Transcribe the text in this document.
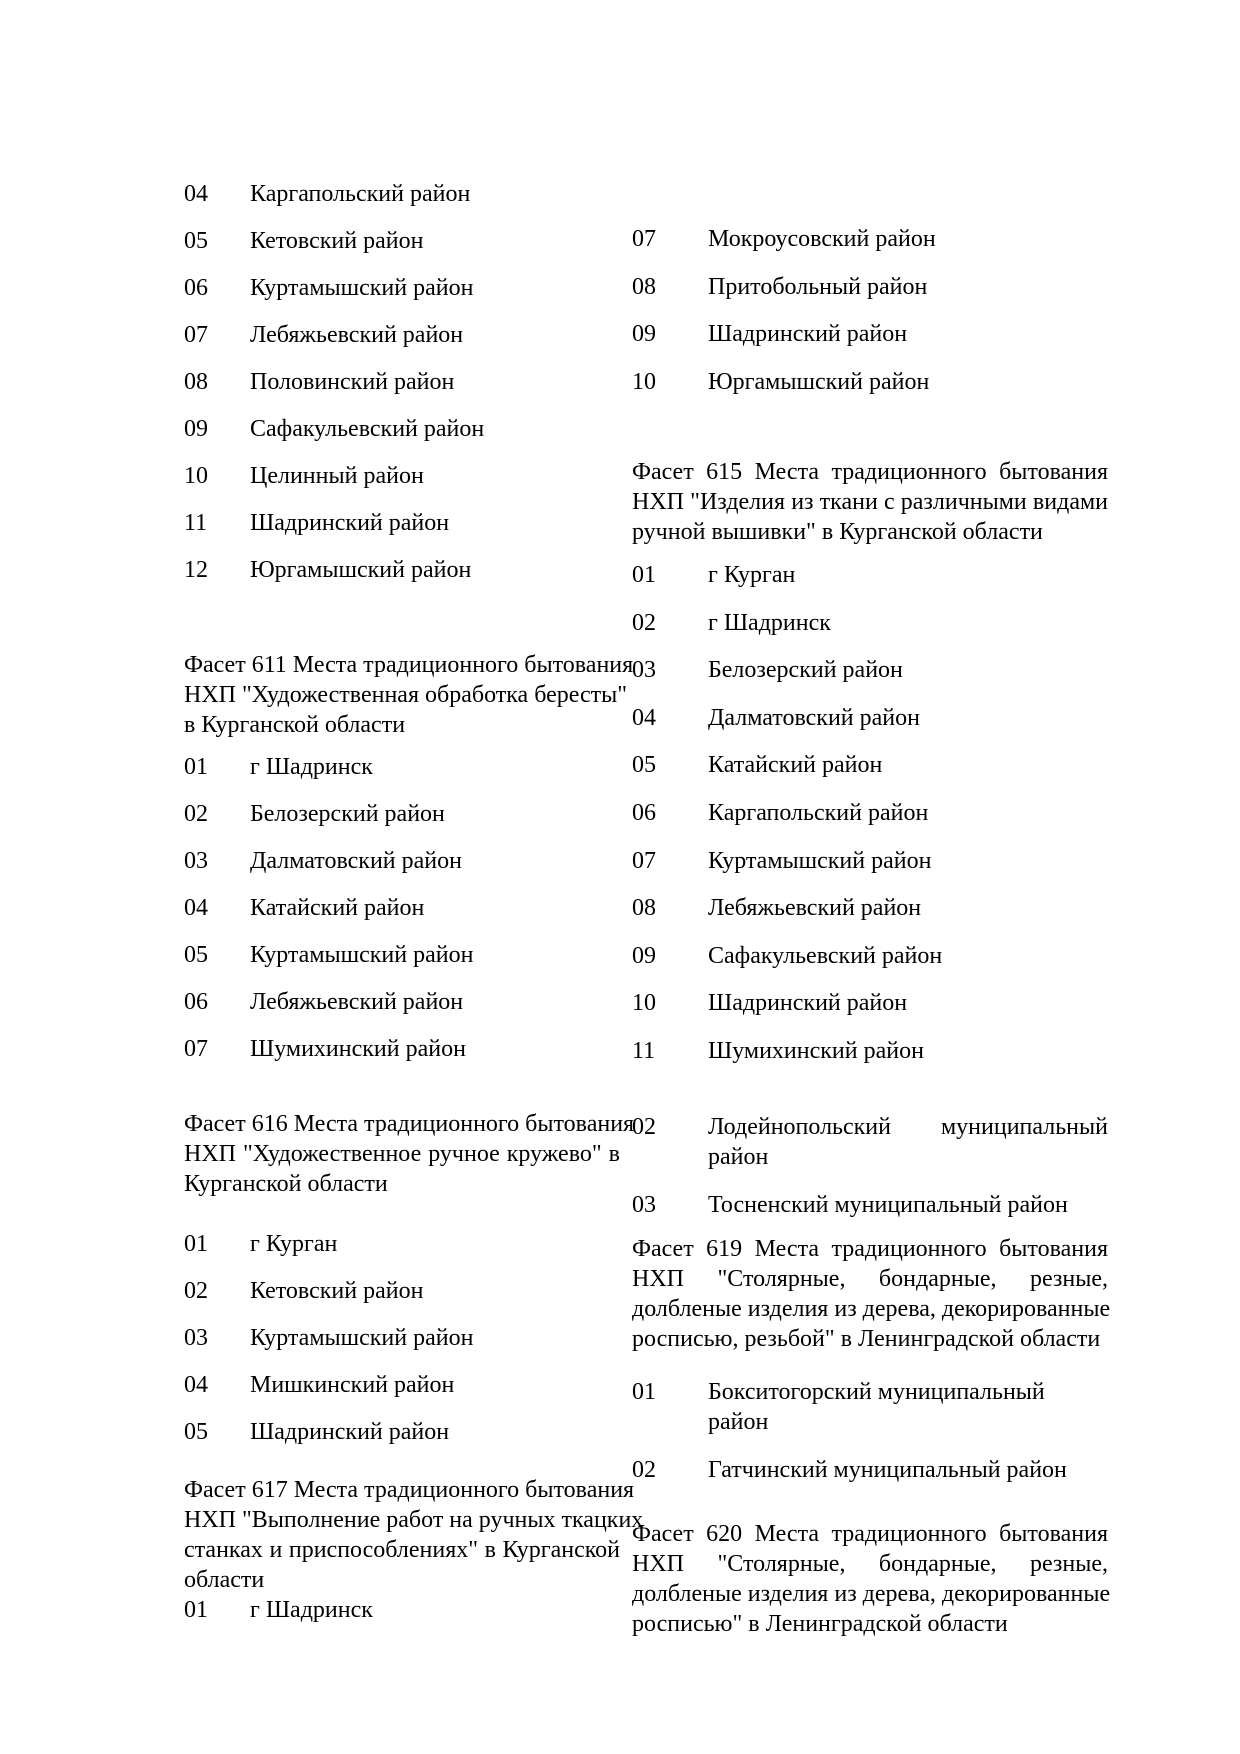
04 Каргапольский район
05 Кетовский район
06 Куртамышский район
07 Лебяжьевский район
08 Половинский район
09 Сафакульевский район
10 Целинный район
11 Шадринский район
12 Юргамышский район
Фасет 611 Места традиционного бытования
НХП "Художественная обработка бересты"
в Курганской области
01 г Шадринск
02 Белозерский район
03 Далматовский район
04 Катайский район
05 Куртамышский район
06 Лебяжьевский район
07 Шумихинский район
Фасет 616 Места традиционного бытования
НХП "Художественное ручное кружево" в
Курганской области
01 г Курган
02 Кетовский район
03 Куртамышский район
04 Мишкинский район
05 Шадринский район
Фасет 617 Места традиционного бытования
НХП "Выполнение работ на ручных ткацких
станках и приспособлениях" в Курганской
области
01 г Шадринск
07 Мокроусовский район
08 Притобольный район
09 Шадринский район
10 Юргамышский район
Фасет 615 Места традиционного бытования
НХП "Изделия из ткани с различными видами
ручной вышивки" в Курганской области
01 г Курган
02 г Шадринск
03 Белозерский район
04 Далматовский район
05 Катайский район
06 Каргапольский район
07 Куртамышский район
08 Лебяжьевский район
09 Сафакульевский район
10 Шадринский район
11 Шумихинский район
02 Лодейнопольский муниципальный
район
03 Тосненский муниципальный район
Фасет 619 Места традиционного бытования
НХП "Столярные, бондарные, резные,
долбленые изделия из дерева, декорированные
росписью, резьбой" в Ленинградской области
01 Бокситогорский муниципальный район
02 Гатчинский муниципальный район
Фасет 620 Места традиционного бытования
НХП "Столярные, бондарные, резные,
долбленые изделия из дерева, декорированные
росписью" в Ленинградской области
